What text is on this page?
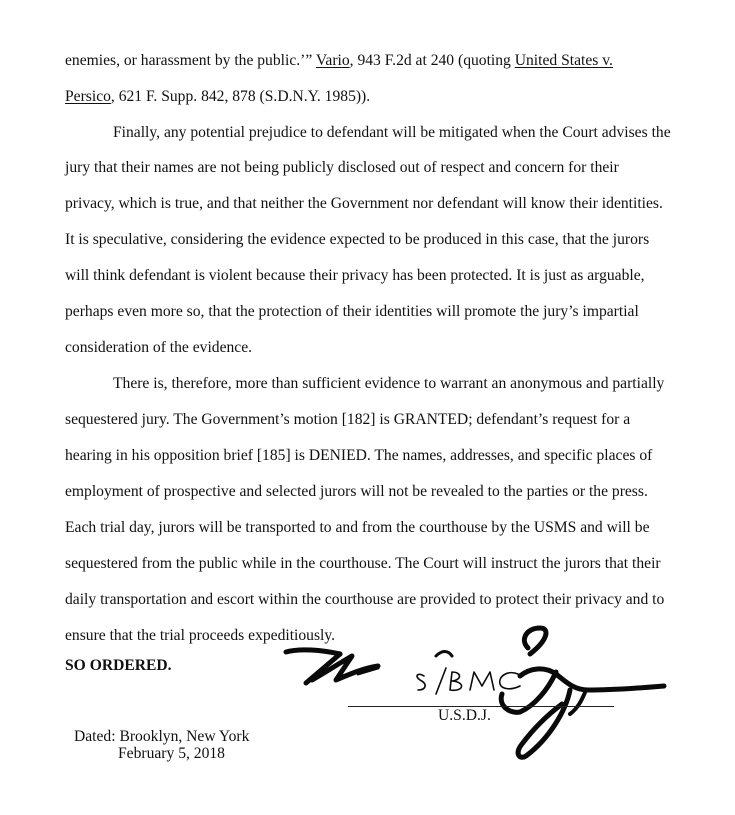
enemies, or harassment by the public.’” Vario, 943 F.2d at 240 (quoting United States v.
Persico, 621 F. Supp. 842, 878 (S.D.N.Y. 1985)).
Finally, any potential prejudice to defendant will be mitigated when the Court advises the
jury that their names are not being publicly disclosed out of respect and concern for their
privacy, which is true, and that neither the Government nor defendant will know their identities.
It is speculative, considering the evidence expected to be produced in this case, that the jurors
will think defendant is violent because their privacy has been protected. It is just as arguable,
perhaps even more so, that the protection of their identities will promote the jury’s impartial
consideration of the evidence.
There is, therefore, more than sufficient evidence to warrant an anonymous and partially
sequestered jury. The Government’s motion [182] is GRANTED; defendant’s request for a
hearing in his opposition brief [185] is DENIED. The names, addresses, and specific places of
employment of prospective and selected jurors will not be revealed to the parties or the press.
Each trial day, jurors will be transported to and from the courthouse by the USMS and will be
sequestered from the public while in the courthouse. The Court will instruct the jurors that their
daily transportation and escort within the courthouse are provided to protect their privacy and to
ensure that the trial proceeds expeditiously.
SO ORDERED.
U.S.D.J.
Dated: Brooklyn, New York
February 5, 2018
